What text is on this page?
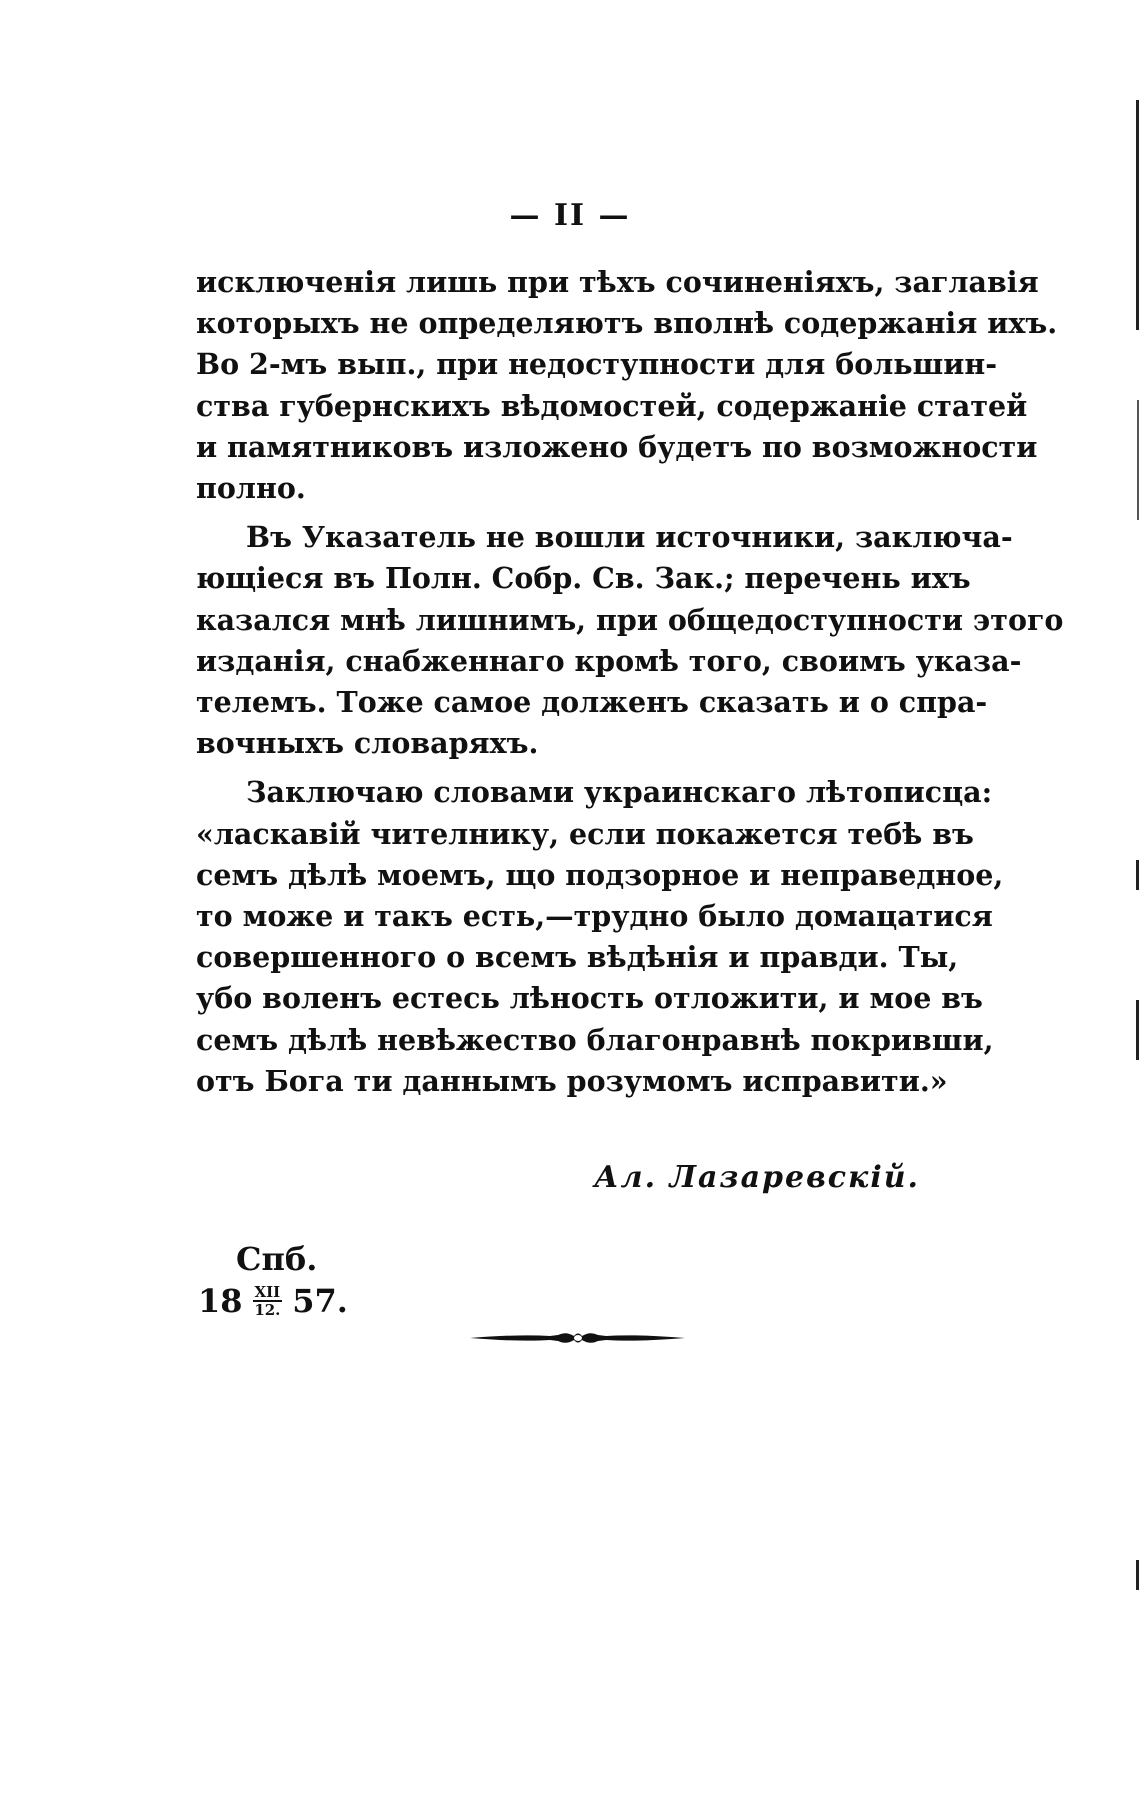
— II —
исключенія лишь при тѣхъ сочиненіяхъ, заглавія
которыхъ не определяютъ вполнѣ содержанія ихъ.
Во 2-мъ вып., при недоступности для большин-
ства губернскихъ вѣдомостей, содержаніе статей
и памятниковъ изложено будетъ по возможности
полно.
Въ Указатель не вошли источники, заключа-
ющіеся въ Полн. Собр. Св. Зак.; перечень ихъ
казался мнѣ лишнимъ, при общедоступности этого
изданія, снабженнаго кромѣ того, своимъ указа-
телемъ. Тоже самое долженъ сказать и о спра-
вочныхъ словаряхъ.
Заключаю словами украинскаго лѣтописца:
«ласкавій чителнику, если покажется тебѣ въ
семъ дѣлѣ моемъ, що подзорное и неправедное,
то може и такъ есть,—трудно было домацатися
совершенного о всемъ вѣдѣнія и правди. Ты,
убо воленъ естесь лѣность отложити, и мое въ
семъ дѣлѣ невѣжество благонравнѣ покривши,
отъ Бога ти даннымъ розумомъ исправити.»
Ал. Лазаревскій.
Спб.
$18 \frac{\text{XII}}{12.} 57$.
